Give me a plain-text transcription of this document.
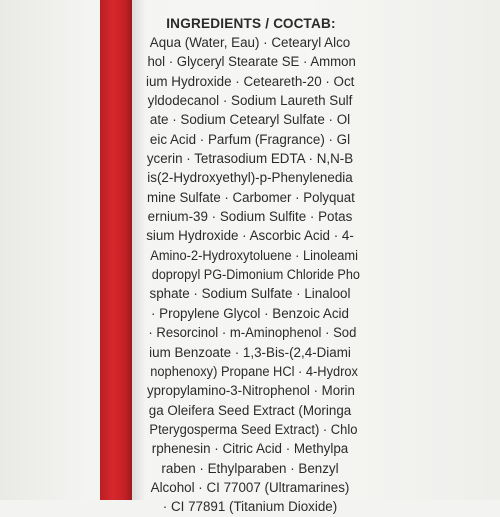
INGREDIENTS / СОСТАВ:
Aqua (Water, Eau) · Cetearyl Alco
hol · Glyceryl Stearate SE · Ammon
ium Hydroxide · Ceteareth-20 · Oct
yldodecanol · Sodium Laureth Sulf
ate · Sodium Cetearyl Sulfate · Ol
eic Acid · Parfum (Fragrance) · Gl
ycerin · Tetrasodium EDTA · N,N-B
is(2-Hydroxyethyl)-p-Phenylenedia
mine Sulfate · Carbomer · Polyquat
ernium-39 · Sodium Sulfite · Potas
sium Hydroxide · Ascorbic Acid · 4-
Amino-2-Hydroxytoluene · Linoleami
dopropyl PG-Dimonium Chloride Pho
sphate · Sodium Sulfate · Linalool
· Propylene Glycol · Benzoic Acid
· Resorcinol · m-Aminophenol · Sod
ium Benzoate · 1,3-Bis-(2,4-Diami
nophenoxy) Propane HCl · 4-Hydrox
ypropylamino-3-Nitrophenol · Morin
ga Oleifera Seed Extract (Moringa
Pterygosperma Seed Extract) · Chlo
rphenesin · Citric Acid · Methylpa
raben · Ethylparaben · Benzyl
Alcohol · CI 77007 (Ultramarines)
· CI 77891 (Titanium Dioxide)
